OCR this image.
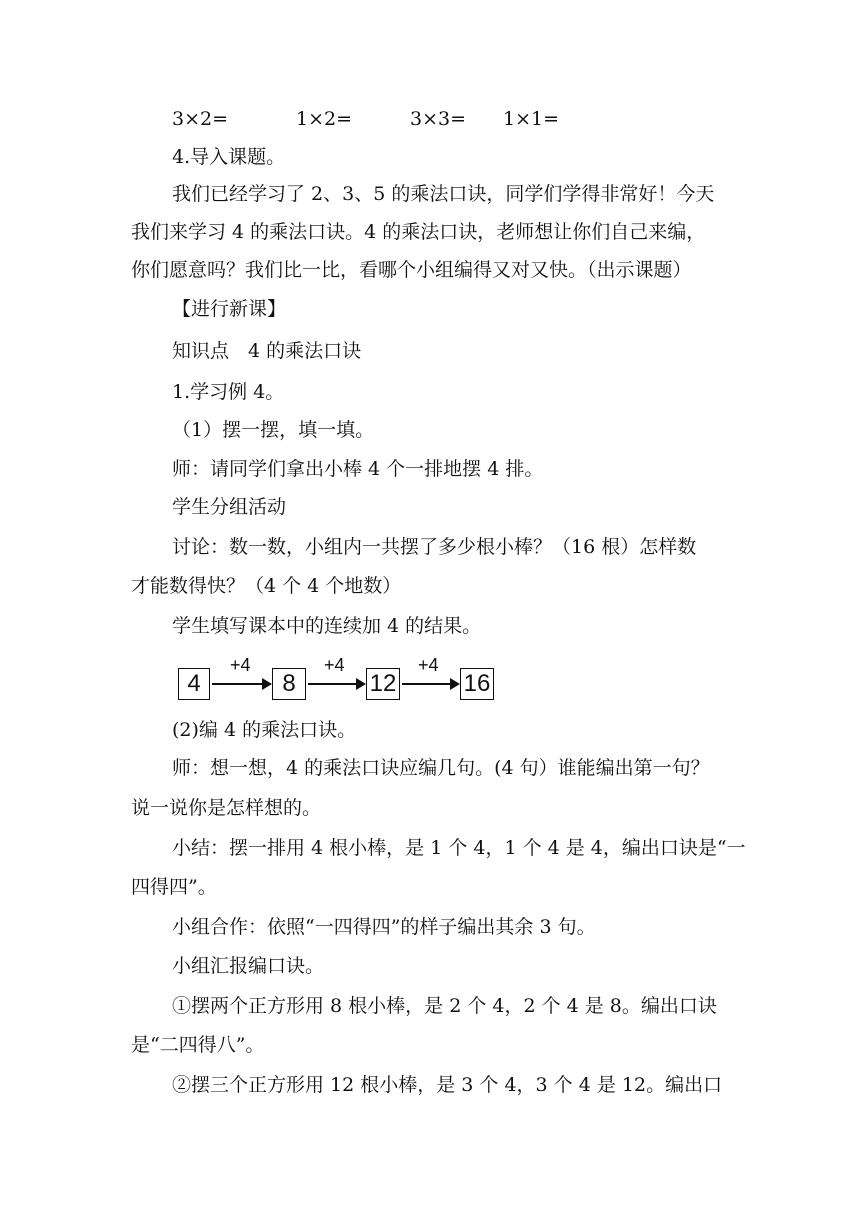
3×2=	1×2=	3×3= 1×1=
4.导入课题。
我们已经学习了 2、3、5 的乘法口诀，同学们学得非常好！今天
我们来学习 4 的乘法口诀。4 的乘法口诀，老师想让你们自己来编，
你们愿意吗？我们比一比，看哪个小组编得又对又快。（出示课题）
【进行新课】
知识点　4 的乘法口诀
1.学习例 4。
（1）摆一摆，填一填。
师：请同学们拿出小棒 4 个一排地摆 4 排。
学生分组活动
讨论：数一数，小组内一共摆了多少根小棒？（16 根）怎样数
才能数得快？（4 个 4 个地数）
学生填写课本中的连续加 4 的结果。
4
+4
8
+4
12
+4
16
(2)编 4 的乘法口诀。
师：想一想，4 的乘法口诀应编几句。(4 句）谁能编出第一句？
说一说你是怎样想的。
小结：摆一排用 4 根小棒，是 1 个 4，1 个 4 是 4，编出口诀是“一
四得四”。
小组合作：依照“一四得四”的样子编出其余 3 句。
小组汇报编口诀。
①摆两个正方形用 8 根小棒，是 2 个 4，2 个 4 是 8。编出口诀
是“二四得八”。
②摆三个正方形用 12 根小棒，是 3 个 4，3 个 4 是 12。编出口
